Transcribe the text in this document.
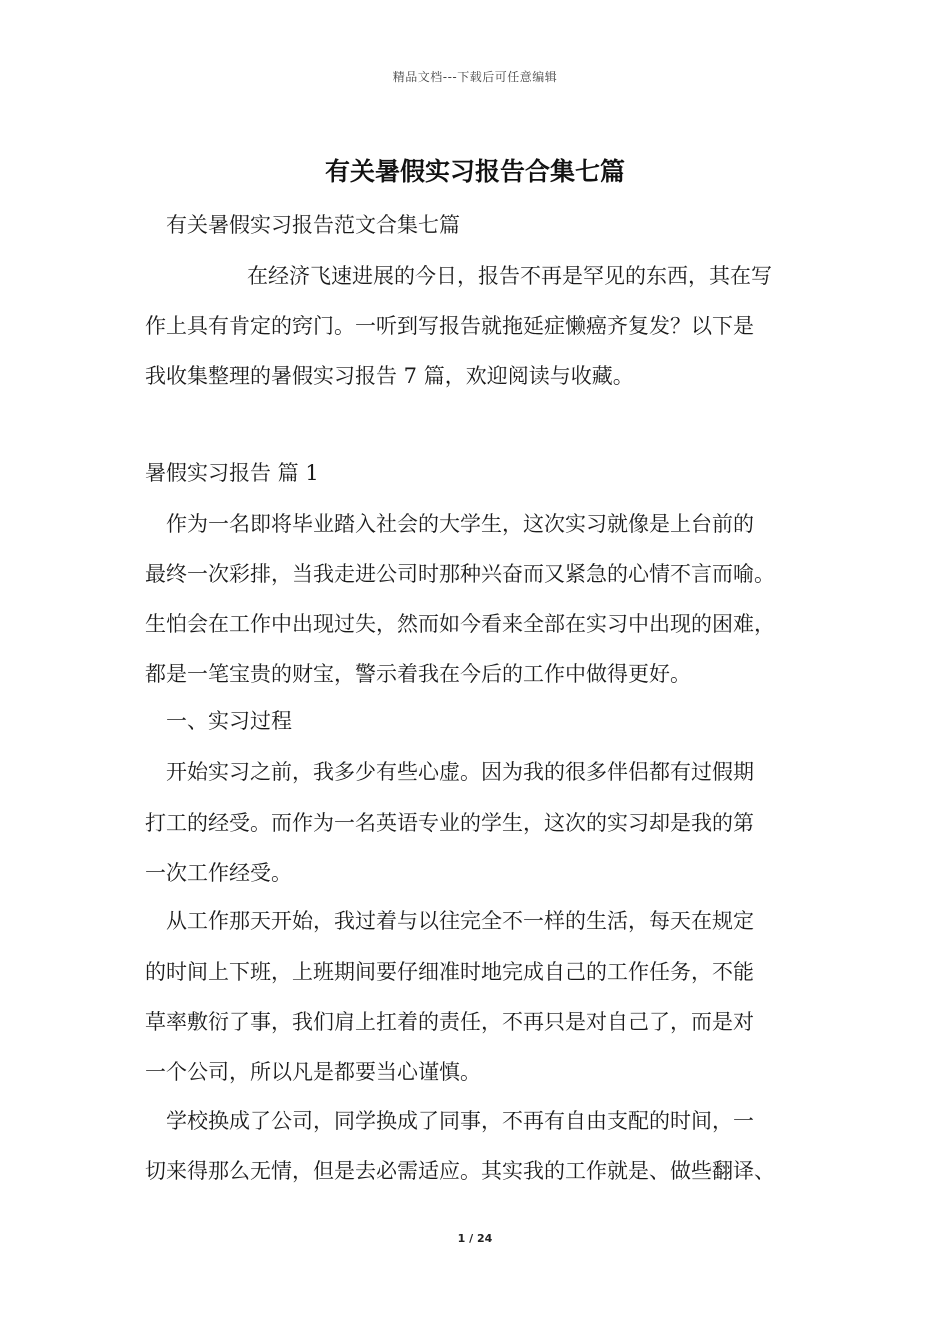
精品文档---下载后可任意编辑
有关暑假实习报告合集七篇
有关暑假实习报告范文合集七篇
在经济飞速进展的今日，报告不再是罕见的东西，其在写
作上具有肯定的窍门。一听到写报告就拖延症懒癌齐复发？以下是
我收集整理的暑假实习报告 7 篇，欢迎阅读与收藏。
暑假实习报告 篇 1
作为一名即将毕业踏入社会的大学生，这次实习就像是上台前的
最终一次彩排，当我走进公司时那种兴奋而又紧急的心情不言而喻。
生怕会在工作中出现过失，然而如今看来全部在实习中出现的困难，
都是一笔宝贵的财宝，警示着我在今后的工作中做得更好。
一、实习过程
开始实习之前，我多少有些心虚。因为我的很多伴侣都有过假期
打工的经受。而作为一名英语专业的学生，这次的实习却是我的第
一次工作经受。
从工作那天开始，我过着与以往完全不一样的生活，每天在规定
的时间上下班，上班期间要仔细准时地完成自己的工作任务，不能
草率敷衍了事，我们肩上扛着的责任，不再只是对自己了，而是对
一个公司，所以凡是都要当心谨慎。
学校换成了公司，同学换成了同事，不再有自由支配的时间，一
切来得那么无情，但是去必需适应。其实我的工作就是、做些翻译、
1 / 24
